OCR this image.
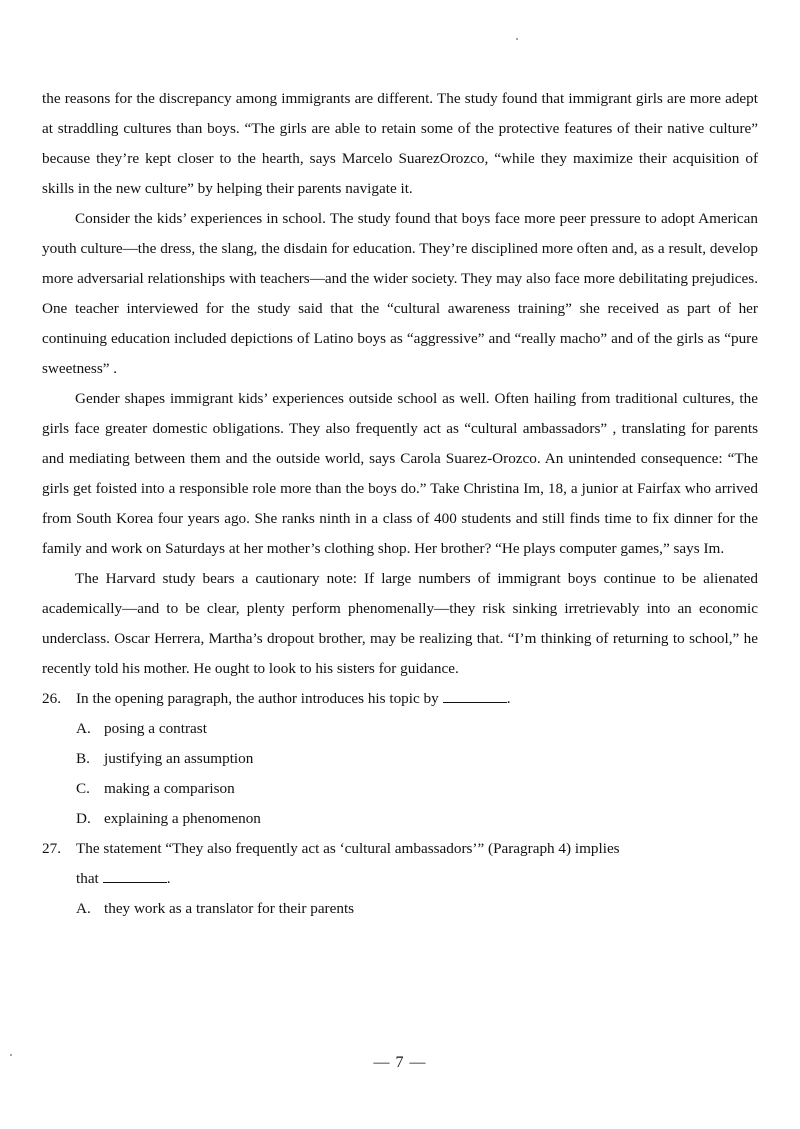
the reasons for the discrepancy among immigrants are different. The study found that immigrant girls are more adept at straddling cultures than boys. “The girls are able to retain some of the protective features of their native culture” because they’re kept closer to the hearth, says Marcelo SuarezOrozco, “while they maximize their acquisition of skills in the new culture” by helping their parents navigate it.

Consider the kids’ experiences in school. The study found that boys face more peer pressure to adopt American youth culture—the dress, the slang, the disdain for education. They’re disciplined more often and, as a result, develop more adversarial relationships with teachers—and the wider society. They may also face more debilitating prejudices. One teacher interviewed for the study said that the “cultural awareness training” she received as part of her continuing education included depictions of Latino boys as “aggressive” and “really macho” and of the girls as “pure sweetness” .

Gender shapes immigrant kids’ experiences outside school as well. Often hailing from traditional cultures, the girls face greater domestic obligations. They also frequently act as “cultural ambassadors” , translating for parents and mediating between them and the outside world, says Carola Suarez-Orozco. An unintended consequence: “The girls get foisted into a responsible role more than the boys do.” Take Christina Im, 18, a junior at Fairfax who arrived from South Korea four years ago. She ranks ninth in a class of 400 students and still finds time to fix dinner for the family and work on Saturdays at her mother’s clothing shop. Her brother? “He plays computer games,” says Im.

The Harvard study bears a cautionary note: If large numbers of immigrant boys continue to be alienated academically—and to be clear, plenty perform phenomenally—they risk sinking irretrievably into an economic underclass. Oscar Herrera, Martha’s dropout brother, may be realizing that. “I’m thinking of returning to school,” he recently told his mother. He ought to look to his sisters for guidance.

26. In the opening paragraph, the author introduces his topic by	.
A. posing a contrast
B. justifying an assumption
C. making a comparison
D. explaining a phenomenon
27. The statement “They also frequently act as ‘cultural ambassadors’” (Paragraph 4) implies

that	.

A. they work as a translator for their parents
— 7 —
